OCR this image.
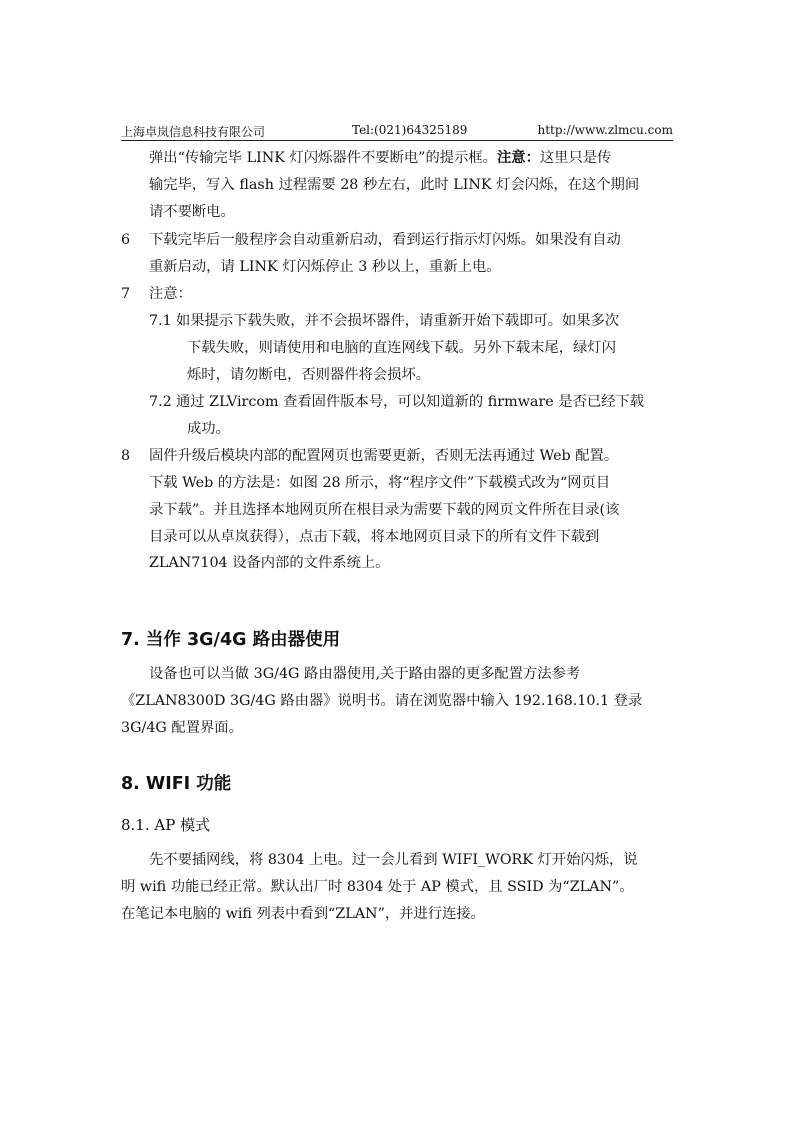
上海卓岚信息科技有限公司	Tel:(021)64325189	http://www.zlmcu.com
弹出“传输完毕 LINK 灯闪烁器件不要断电”的提示框。注意：这里只是传
输完毕，写入 flash 过程需要 28 秒左右，此时 LINK 灯会闪烁，在这个期间
请不要断电。
6 下载完毕后一般程序会自动重新启动，看到运行指示灯闪烁。如果没有自动
重新启动，请 LINK 灯闪烁停止 3 秒以上，重新上电。
7 注意：
7.1 如果提示下载失败，并不会损坏器件，请重新开始下载即可。如果多次
下载失败，则请使用和电脑的直连网线下载。另外下载末尾，绿灯闪
烁时，请勿断电，否则器件将会损坏。
7.2 通过 ZLVircom 查看固件版本号，可以知道新的 firmware 是否已经下载
成功。
8 固件升级后模块内部的配置网页也需要更新，否则无法再通过 Web 配置。
下载 Web 的方法是：如图 28 所示，将“程序文件”下载模式改为“网页目
录下载”。并且选择本地网页所在根目录为需要下载的网页文件所在目录(该
目录可以从卓岚获得），点击下载，将本地网页目录下的所有文件下载到
ZLAN7104 设备内部的文件系统上。
7. 当作 3G/4G 路由器使用
设备也可以当做 3G/4G 路由器使用,关于路由器的更多配置方法参考
《ZLAN8300D 3G/4G 路由器》说明书。请在浏览器中输入 192.168.10.1 登录
3G/4G 配置界面。
8. WIFI 功能
8.1. AP 模式
先不要插网线，将 8304 上电。过一会儿看到 WIFI_WORK 灯开始闪烁，说
明 wifi 功能已经正常。默认出厂时 8304 处于 AP 模式，且 SSID 为“ZLAN”。
在笔记本电脑的 wifi 列表中看到“ZLAN”，并进行连接。
